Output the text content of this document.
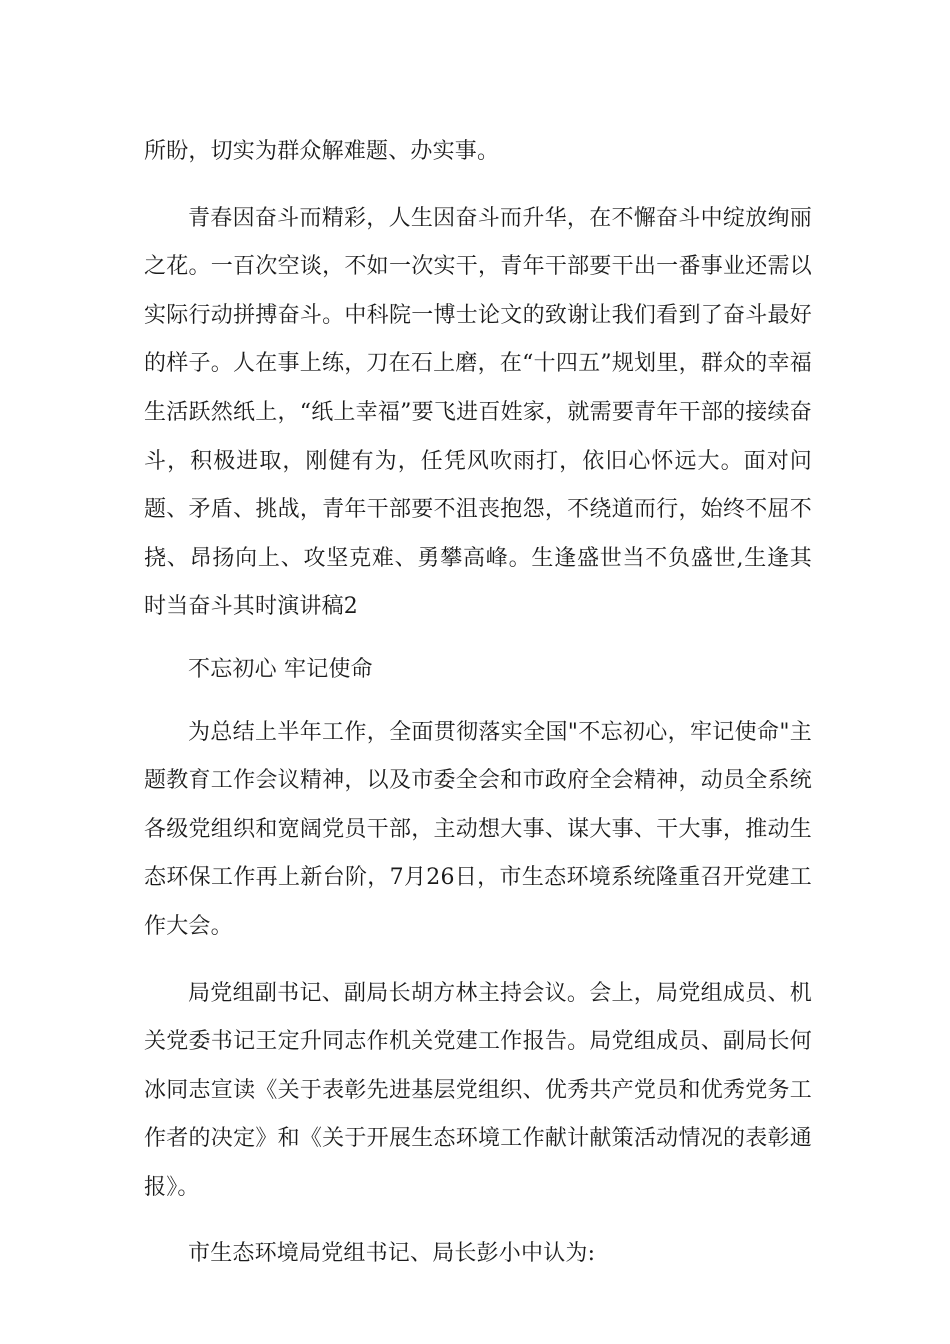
所盼，切实为群众解难题、办实事。

青春因奋斗而精彩，人生因奋斗而升华，在不懈奋斗中绽放绚丽之花。一百次空谈，不如一次实干，青年干部要干出一番事业还需以实际行动拼搏奋斗。中科院一博士论文的致谢让我们看到了奋斗最好的样子。人在事上练，刀在石上磨，在“十四五”规划里，群众的幸福生活跃然纸上，“纸上幸福”要飞进百姓家，就需要青年干部的接续奋斗，积极进取，刚健有为，任凭风吹雨打，依旧心怀远大。面对问题、矛盾、挑战，青年干部要不沮丧抱怨，不绕道而行，始终不屈不挠、昂扬向上、攻坚克难、勇攀高峰。生逢盛世当不负盛世,生逢其时当奋斗其时演讲稿2

不忘初心 牢记使命

为总结上半年工作，全面贯彻落实全国"不忘初心，牢记使命"主题教育工作会议精神，以及市委全会和市政府全会精神，动员全系统各级党组织和宽阔党员干部，主动想大事、谋大事、干大事，推动生态环保工作再上新台阶，7月26日，市生态环境系统隆重召开党建工作大会。

局党组副书记、副局长胡方林主持会议。会上，局党组成员、机关党委书记王定升同志作机关党建工作报告。局党组成员、副局长何冰同志宣读《关于表彰先进基层党组织、优秀共产党员和优秀党务工作者的决定》和《关于开展生态环境工作献计献策活动情况的表彰通报》。

市生态环境局党组书记、局长彭小中认为:
